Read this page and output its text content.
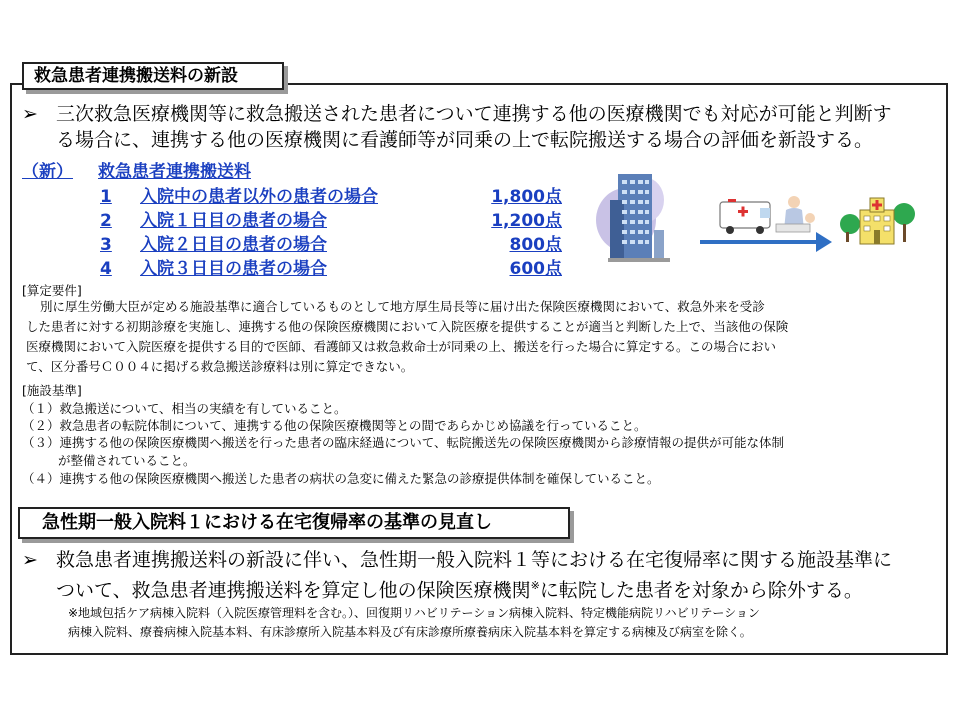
救急患者連携搬送料の新設
➢ 三次救急医療機関等に救急搬送された患者について連携する他の医療機関でも対応が可能と判断す
る場合に、連携する他の医療機関に看護師等が同乗の上で転院搬送する場合の評価を新設する。
（新） 救急患者連携搬送料
1 入院中の患者以外の患者の場合	1,800点
2 入院１日目の患者の場合	1,200点
3 入院２日目の患者の場合	800点
4 入院３日目の患者の場合	600点
[算定要件]
別に厚生労働大臣が定める施設基準に適合しているものとして地方厚生局長等に届け出た保険医療機関において、救急外来を受診
した患者に対する初期診療を実施し、連携する他の保険医療機関において入院医療を提供することが適当と判断した上で、当該他の保険
医療機関において入院医療を提供する目的で医師、看護師又は救急救命士が同乗の上、搬送を行った場合に算定する。この場合におい
て、区分番号Ｃ００４に掲げる救急搬送診療料は別に算定できない。
[施設基準]
（１）救急搬送について、相当の実績を有していること。
（２）救急患者の転院体制について、連携する他の保険医療機関等との間であらかじめ協議を行っていること。
（３）連携する他の保険医療機関へ搬送を行った患者の臨床経過について、転院搬送先の保険医療機関から診療情報の提供が可能な体制
が整備されていること。
（４）連携する他の保険医療機関へ搬送した患者の病状の急変に備えた緊急の診療提供体制を確保していること。
急性期一般入院料１における在宅復帰率の基準の見直し
➢ 救急患者連携搬送料の新設に伴い、急性期一般入院料１等における在宅復帰率に関する施設基準に
ついて、救急患者連携搬送料を算定し他の保険医療機関※に転院した患者を対象から除外する。
※地域包括ケア病棟入院料（入院医療管理料を含む。）、回復期リハビリテーション病棟入院料、特定機能病院リハビリテーション
病棟入院料、療養病棟入院基本料、有床診療所入院基本料及び有床診療所療養病床入院基本料を算定する病棟及び病室を除く。
